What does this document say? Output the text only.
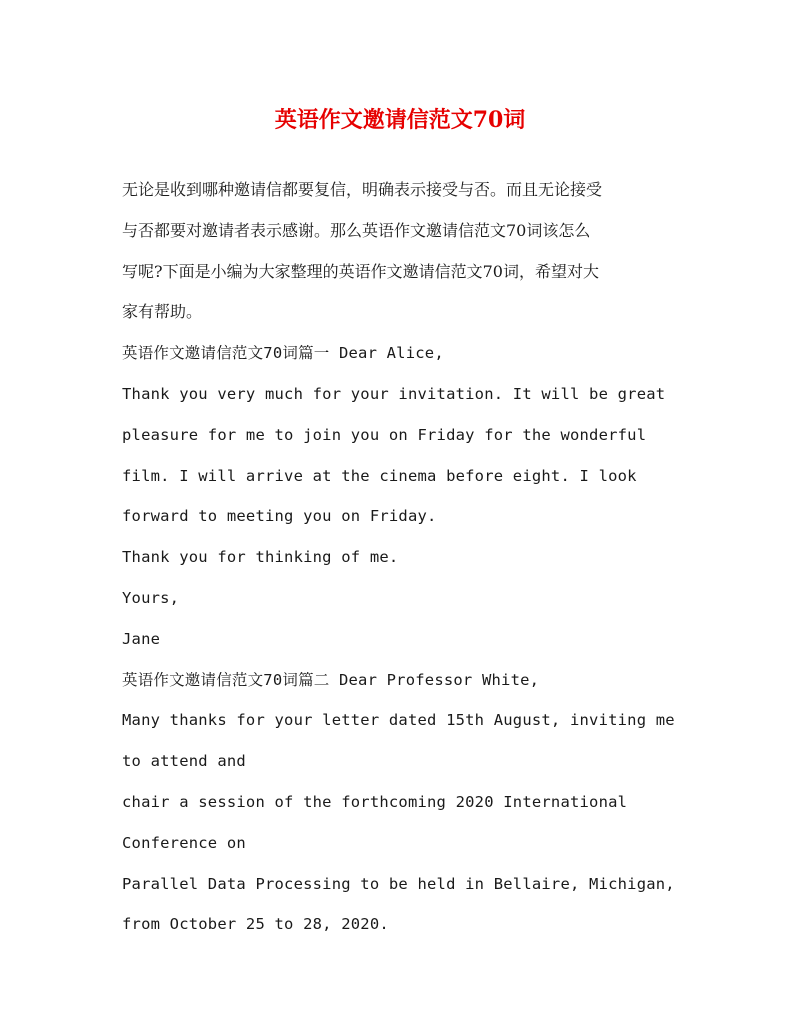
英语作文邀请信范文70词
无论是收到哪种邀请信都要复信，明确表示接受与否。而且无论接受
与否都要对邀请者表示感谢。那么英语作文邀请信范文70词该怎么
写呢?下面是小编为大家整理的英语作文邀请信范文70词，希望对大
家有帮助。
英语作文邀请信范文70词篇一 Dear Alice,
Thank you very much for your invitation. It will be great
pleasure for me to join you on Friday for the wonderful
film. I will arrive at the cinema before eight. I look
forward to meeting you on Friday.
Thank you for thinking of me.
Yours,
Jane
英语作文邀请信范文70词篇二 Dear Professor White,
Many thanks for your letter dated 15th August, inviting me
to attend and
chair a session of the forthcoming 2020 International
Conference on
Parallel Data Processing to be held in Bellaire, Michigan,
from October 25 to 28, 2020.
